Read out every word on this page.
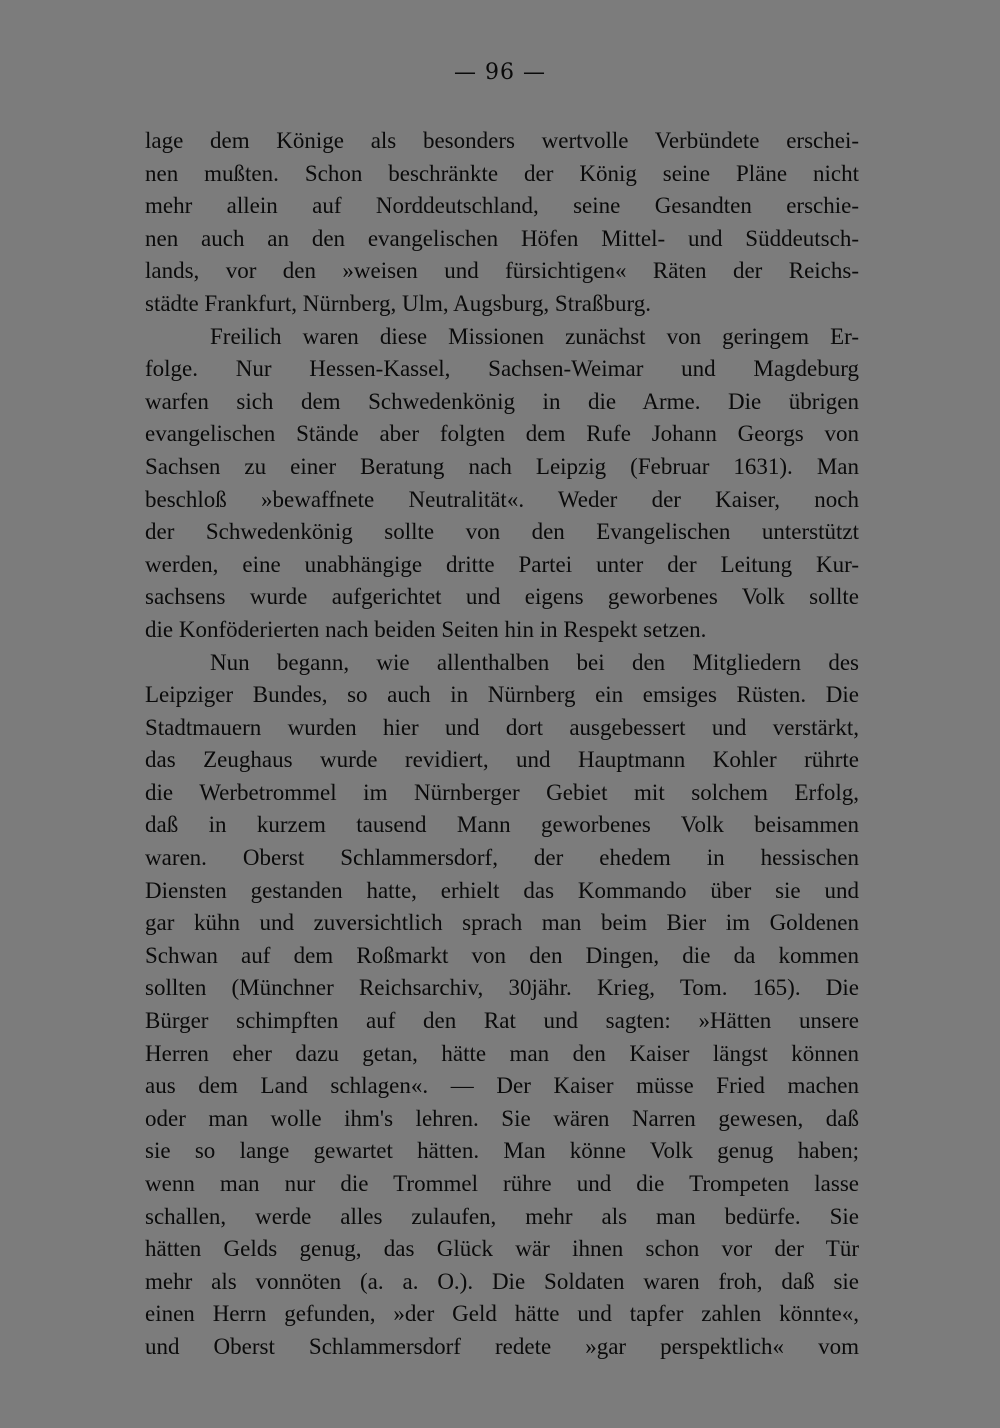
— 96 —
lage dem Könige als besonders wertvolle Verbündete erschei-
nen mußten. Schon beschränkte der König seine Pläne nicht
mehr allein auf Norddeutschland, seine Gesandten erschie-
nen auch an den evangelischen Höfen Mittel- und Süddeutsch-
lands, vor den »weisen und fürsichtigen« Räten der Reichs-
städte Frankfurt, Nürnberg, Ulm, Augsburg, Straßburg.
Freilich waren diese Missionen zunächst von geringem Er-
folge. Nur Hessen-Kassel, Sachsen-Weimar und Magdeburg
warfen sich dem Schwedenkönig in die Arme. Die übrigen
evangelischen Stände aber folgten dem Rufe Johann Georgs von
Sachsen zu einer Beratung nach Leipzig (Februar 1631). Man
beschloß »bewaffnete Neutralität«. Weder der Kaiser, noch
der Schwedenkönig sollte von den Evangelischen unterstützt
werden, eine unabhängige dritte Partei unter der Leitung Kur-
sachsens wurde aufgerichtet und eigens geworbenes Volk sollte
die Konföderierten nach beiden Seiten hin in Respekt setzen.
Nun begann, wie allenthalben bei den Mitgliedern des
Leipziger Bundes, so auch in Nürnberg ein emsiges Rüsten. Die
Stadtmauern wurden hier und dort ausgebessert und verstärkt,
das Zeughaus wurde revidiert, und Hauptmann Kohler rührte
die Werbetrommel im Nürnberger Gebiet mit solchem Erfolg,
daß in kurzem tausend Mann geworbenes Volk beisammen
waren. Oberst Schlammersdorf, der ehedem in hessischen
Diensten gestanden hatte, erhielt das Kommando über sie und
gar kühn und zuversichtlich sprach man beim Bier im Goldenen
Schwan auf dem Roßmarkt von den Dingen, die da kommen
sollten (Münchner Reichsarchiv, 30jähr. Krieg, Tom. 165). Die
Bürger schimpften auf den Rat und sagten: »Hätten unsere
Herren eher dazu getan, hätte man den Kaiser längst können
aus dem Land schlagen«. — Der Kaiser müsse Fried machen
oder man wolle ihm's lehren. Sie wären Narren gewesen, daß
sie so lange gewartet hätten. Man könne Volk genug haben;
wenn man nur die Trommel rühre und die Trompeten lasse
schallen, werde alles zulaufen, mehr als man bedürfe. Sie
hätten Gelds genug, das Glück wär ihnen schon vor der Tür
mehr als vonnöten (a. a. O.). Die Soldaten waren froh, daß sie
einen Herrn gefunden, »der Geld hätte und tapfer zahlen könnte«,
und Oberst Schlammersdorf redete »gar perspektlich« vom
